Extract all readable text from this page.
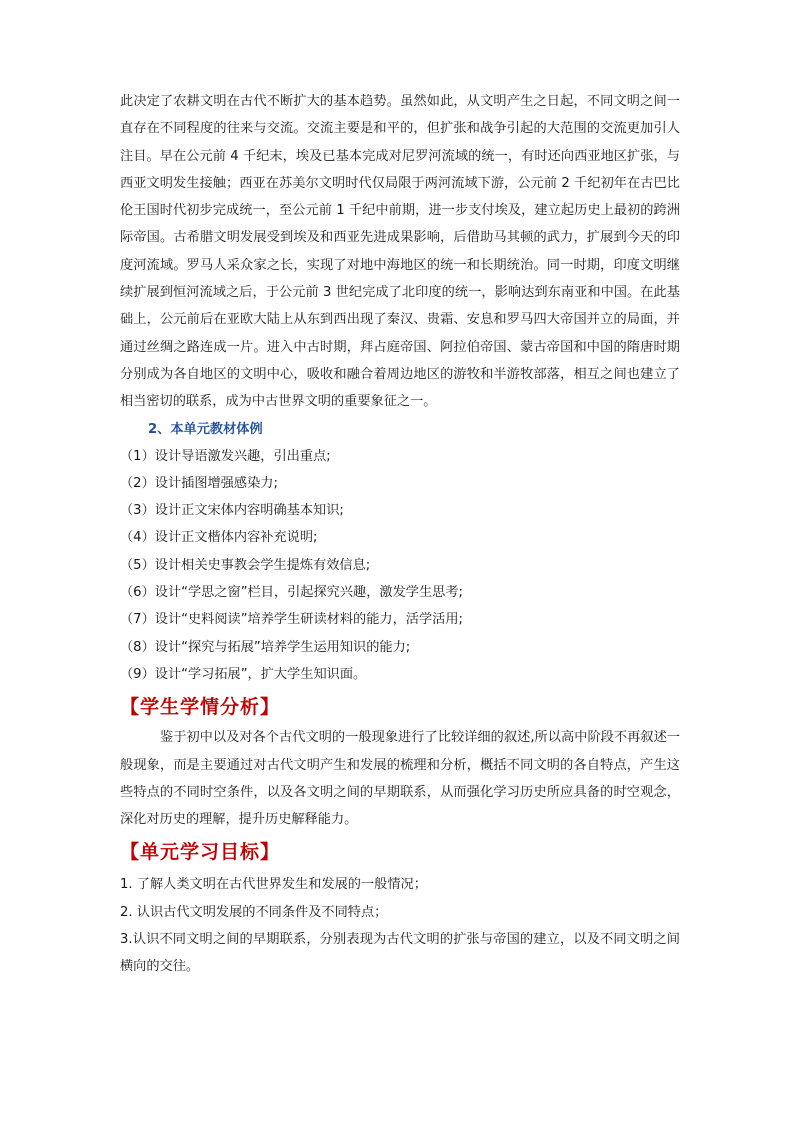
此决定了农耕文明在古代不断扩大的基本趋势。虽然如此，从文明产生之日起，不同文明之间一直存在不同程度的往来与交流。交流主要是和平的，但扩张和战争引起的大范围的交流更加引人注目。早在公元前 4 千纪末，埃及已基本完成对尼罗河流域的统一，有时还向西亚地区扩张，与西亚文明发生接触；西亚在苏美尔文明时代仅局限于两河流域下游，公元前 2 千纪初年在古巴比伦王国时代初步完成统一，至公元前 1 千纪中前期，进一步支付埃及，建立起历史上最初的跨洲际帝国。古希腊文明发展受到埃及和西亚先进成果影响，后借助马其顿的武力，扩展到今天的印度河流域。罗马人采众家之长，实现了对地中海地区的统一和长期统治。同一时期，印度文明继续扩展到恒河流域之后，于公元前 3 世纪完成了北印度的统一，影响达到东南亚和中国。在此基础上，公元前后在亚欧大陆上从东到西出现了秦汉、贵霜、安息和罗马四大帝国并立的局面，并通过丝绸之路连成一片。进入中古时期，拜占庭帝国、阿拉伯帝国、蒙古帝国和中国的隋唐时期分别成为各自地区的文明中心，吸收和融合着周边地区的游牧和半游牧部落，相互之间也建立了相当密切的联系，成为中古世界文明的重要象征之一。

2、本单元教材体例

（1）设计导语激发兴趣，引出重点;
（2）设计插图增强感染力;
（3）设计正文宋体内容明确基本知识;
（4）设计正文楷体内容补充说明;
（5）设计相关史事教会学生提炼有效信息;
（6）设计“学思之窗”栏目，引起探究兴趣，激发学生思考;
（7）设计“史料阅读”培养学生研读材料的能力，活学活用;
（8）设计“探究与拓展”培养学生运用知识的能力;
（9）设计“学习拓展”，扩大学生知识面。
【学生学情分析】

鉴于初中以及对各个古代文明的一般现象进行了比较详细的叙述,所以高中阶段不再叙述一般现象，而是主要通过对古代文明产生和发展的梳理和分析，概括不同文明的各自特点，产生这些特点的不同时空条件，以及各文明之间的早期联系，从而强化学习历史所应具备的时空观念，深化对历史的理解，提升历史解释能力。

【单元学习目标】
1. 了解人类文明在古代世界发生和发展的一般情况；
2. 认识古代文明发展的不同条件及不同特点；
3.认识不同文明之间的早期联系，分别表现为古代文明的扩张与帝国的建立，以及不同文明之间横向的交往。
